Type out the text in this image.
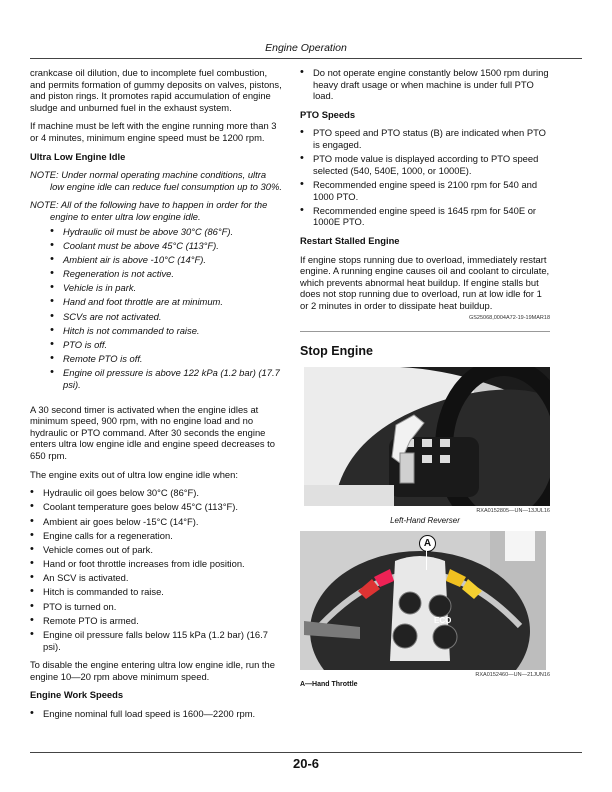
Engine Operation

crankcase oil dilution, due to incomplete fuel combustion, and permits formation of gummy deposits on valves, pistons, and piston rings. It promotes rapid accumulation of engine sludge and unburned fuel in the exhaust system.

If machine must be left with the engine running more than 3 or 4 minutes, minimum engine speed must be 1200 rpm.

Ultra Low Engine Idle

NOTE: Under normal operating machine conditions, ultra low engine idle can reduce fuel consumption up to 30%.

NOTE: All of the following have to happen in order for the engine to enter ultra low engine idle.

• Hydraulic oil must be above 30°C (86°F).
• Coolant must be above 45°C (113°F).
• Ambient air is above -10°C (14°F).
• Regeneration is not active.
• Vehicle is in park.
• Hand and foot throttle are at minimum.
• SCVs are not activated.
• Hitch is not commanded to raise.
• PTO is off.
• Remote PTO is off.
• Engine oil pressure is above 122 kPa (1.2 bar) (17.7 psi).

A 30 second timer is activated when the engine idles at minimum speed, 900 rpm, with no engine load and no hydraulic or PTO command. After 30 seconds the engine enters ultra low engine idle and engine speed decreases to 650 rpm.

The engine exits out of ultra low engine idle when:

• Hydraulic oil goes below 30°C (86°F).
• Coolant temperature goes below 45°C (113°F).
• Ambient air goes below -15°C (14°F).
• Engine calls for a regeneration.
• Vehicle comes out of park.
• Hand or foot throttle increases from idle position.
• An SCV is activated.
• Hitch is commanded to raise.
• PTO is turned on.
• Remote PTO is armed.
• Engine oil pressure falls below 115 kPa (1.2 bar) (16.7 psi).

To disable the engine entering ultra low engine idle, run the engine 10—20 rpm above minimum speed.

Engine Work Speeds
• Engine nominal full load speed is 1600—2200 rpm.
• Do not operate engine constantly below 1500 rpm during heavy draft usage or when machine is under full PTO load.
PTO Speeds
• PTO speed and PTO status (B) are indicated when PTO is engaged.
• PTO mode value is displayed according to PTO speed selected (540, 540E, 1000, or 1000E).
• Recommended engine speed is 2100 rpm for 540 and 1000 PTO.
• Recommended engine speed is 1645 rpm for 540E or 1000E PTO.
Restart Stalled Engine

If engine stops running due to overload, immediately restart engine. A running engine causes oil and coolant to circulate, which prevents abnormal heat buildup. If engine stalls but does not stop running due to overload, run at low idle for 1 or 2 minutes in order to dissipate heat buildup.

GS25068,0004A72-19-19MAR18

Stop Engine

RXA0152805—UN—13JUL16

Left-Hand Reverser

A
ECO

RXA0152460—UN—21JUN16

A—Hand Throttle

20-6
